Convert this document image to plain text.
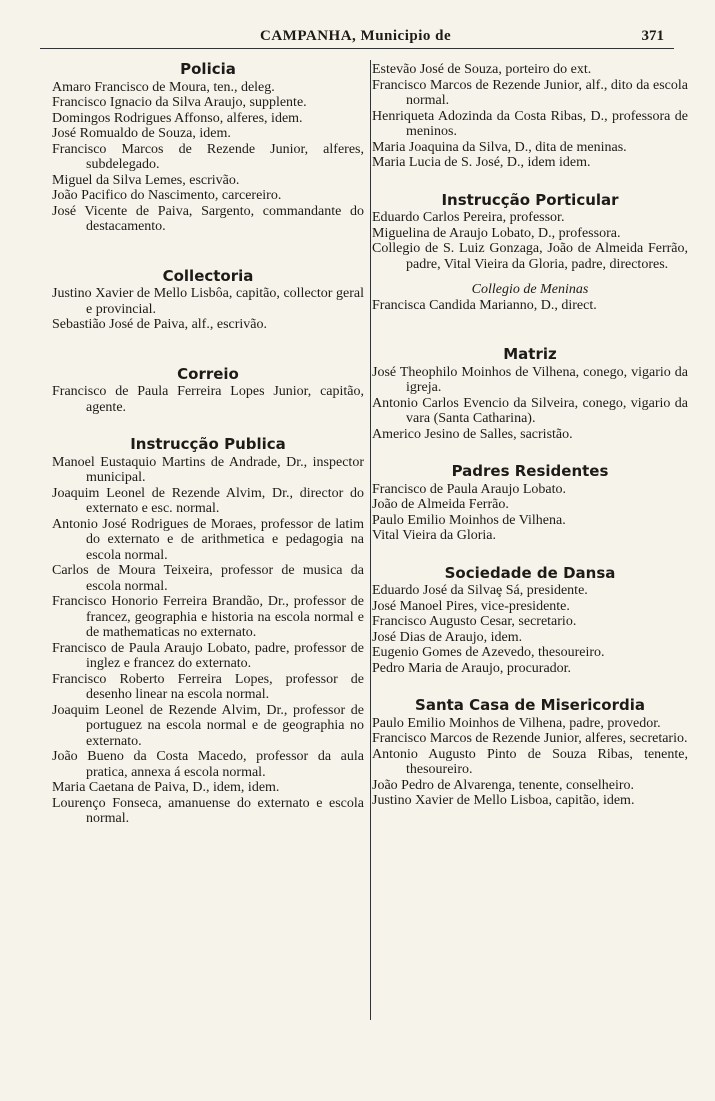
CAMPANHA, Municipio de	371
Policia
Amaro Francisco de Moura, ten., deleg.
Francisco Ignacio da Silva Araujo, supplente.
Domingos Rodrigues Affonso, alferes, idem.
José Romualdo de Souza, idem.
Francisco Marcos de Rezende Junior, alferes, subdelegado.
Miguel da Silva Lemes, escrivão.
João Pacifico do Nascimento, carcereiro.
José Vicente de Paiva, Sargento, commandante do destacamento.
Collectoria
Justino Xavier de Mello Lisbôa, capitão, collector geral e provincial.
Sebastião José de Paiva, alf., escrivão.
Correio
Francisco de Paula Ferreira Lopes Junior, capitão, agente.
Instrucção Publica
Manoel Eustaquio Martins de Andrade, Dr., inspector municipal.
Joaquim Leonel de Rezende Alvim, Dr., director do externato e esc. normal.
Antonio José Rodrigues de Moraes, professor de latim do externato e de arithmetica e pedagogia na escola normal.
Carlos de Moura Teixeira, professor de musica da escola normal.
Francisco Honorio Ferreira Brandão, Dr., professor de francez, geographia e historia na escola normal e de mathematicas no externato.
Francisco de Paula Araujo Lobato, padre, professor de inglez e francez do externato.
Francisco Roberto Ferreira Lopes, professor de desenho linear na escola normal.
Joaquim Leonel de Rezende Alvim, Dr., professor de portuguez na escola normal e de geographia no externato.
João Bueno da Costa Macedo, professor da aula pratica, annexa á escola normal.
Maria Caetana de Paiva, D., idem, idem.
Lourenço Fonseca, amanuense do externato e escola normal.
Estevão José de Souza, porteiro do ext.
Francisco Marcos de Rezende Junior, alf., dito da escola normal.
Henriqueta Adozinda da Costa Ribas, D., professora de meninos.
Maria Joaquina da Silva, D., dita de meninas.
Maria Lucia de S. José, D., idem idem.
Instrucção Porticular
Eduardo Carlos Pereira, professor.
Miguelina de Araujo Lobato, D., professora.
Collegio de S. Luiz Gonzaga, João de Almeida Ferrão, padre, Vital Vieira da Gloria, padre, directores.
Collegio de Meninas
Francisca Candida Marianno, D., direct.
Matriz
José Theophilo Moinhos de Vilhena, conego, vigario da igreja.
Antonio Carlos Evencio da Silveira, conego, vigario da vara (Santa Catharina).
Americo Jesino de Salles, sacristão.
Padres Residentes
Francisco de Paula Araujo Lobato.
João de Almeida Ferrão.
Paulo Emilio Moinhos de Vilhena.
Vital Vieira da Gloria.
Sociedade de Dansa
Eduardo José da Silvaȩ Sá, presidente.
José Manoel Pires, vice-presidente.
Francisco Augusto Cesar, secretario.
José Dias de Araujo, idem.
Eugenio Gomes de Azevedo, thesoureiro.
Pedro Maria de Araujo, procurador.
Santa Casa de Misericordia
Paulo Emilio Moinhos de Vilhena, padre, provedor.
Francisco Marcos de Rezende Junior, alferes, secretario.
Antonio Augusto Pinto de Souza Ribas, tenente, thesoureiro.
João Pedro de Alvarenga, tenente, conselheiro.
Justino Xavier de Mello Lisboa, capitão, idem.
